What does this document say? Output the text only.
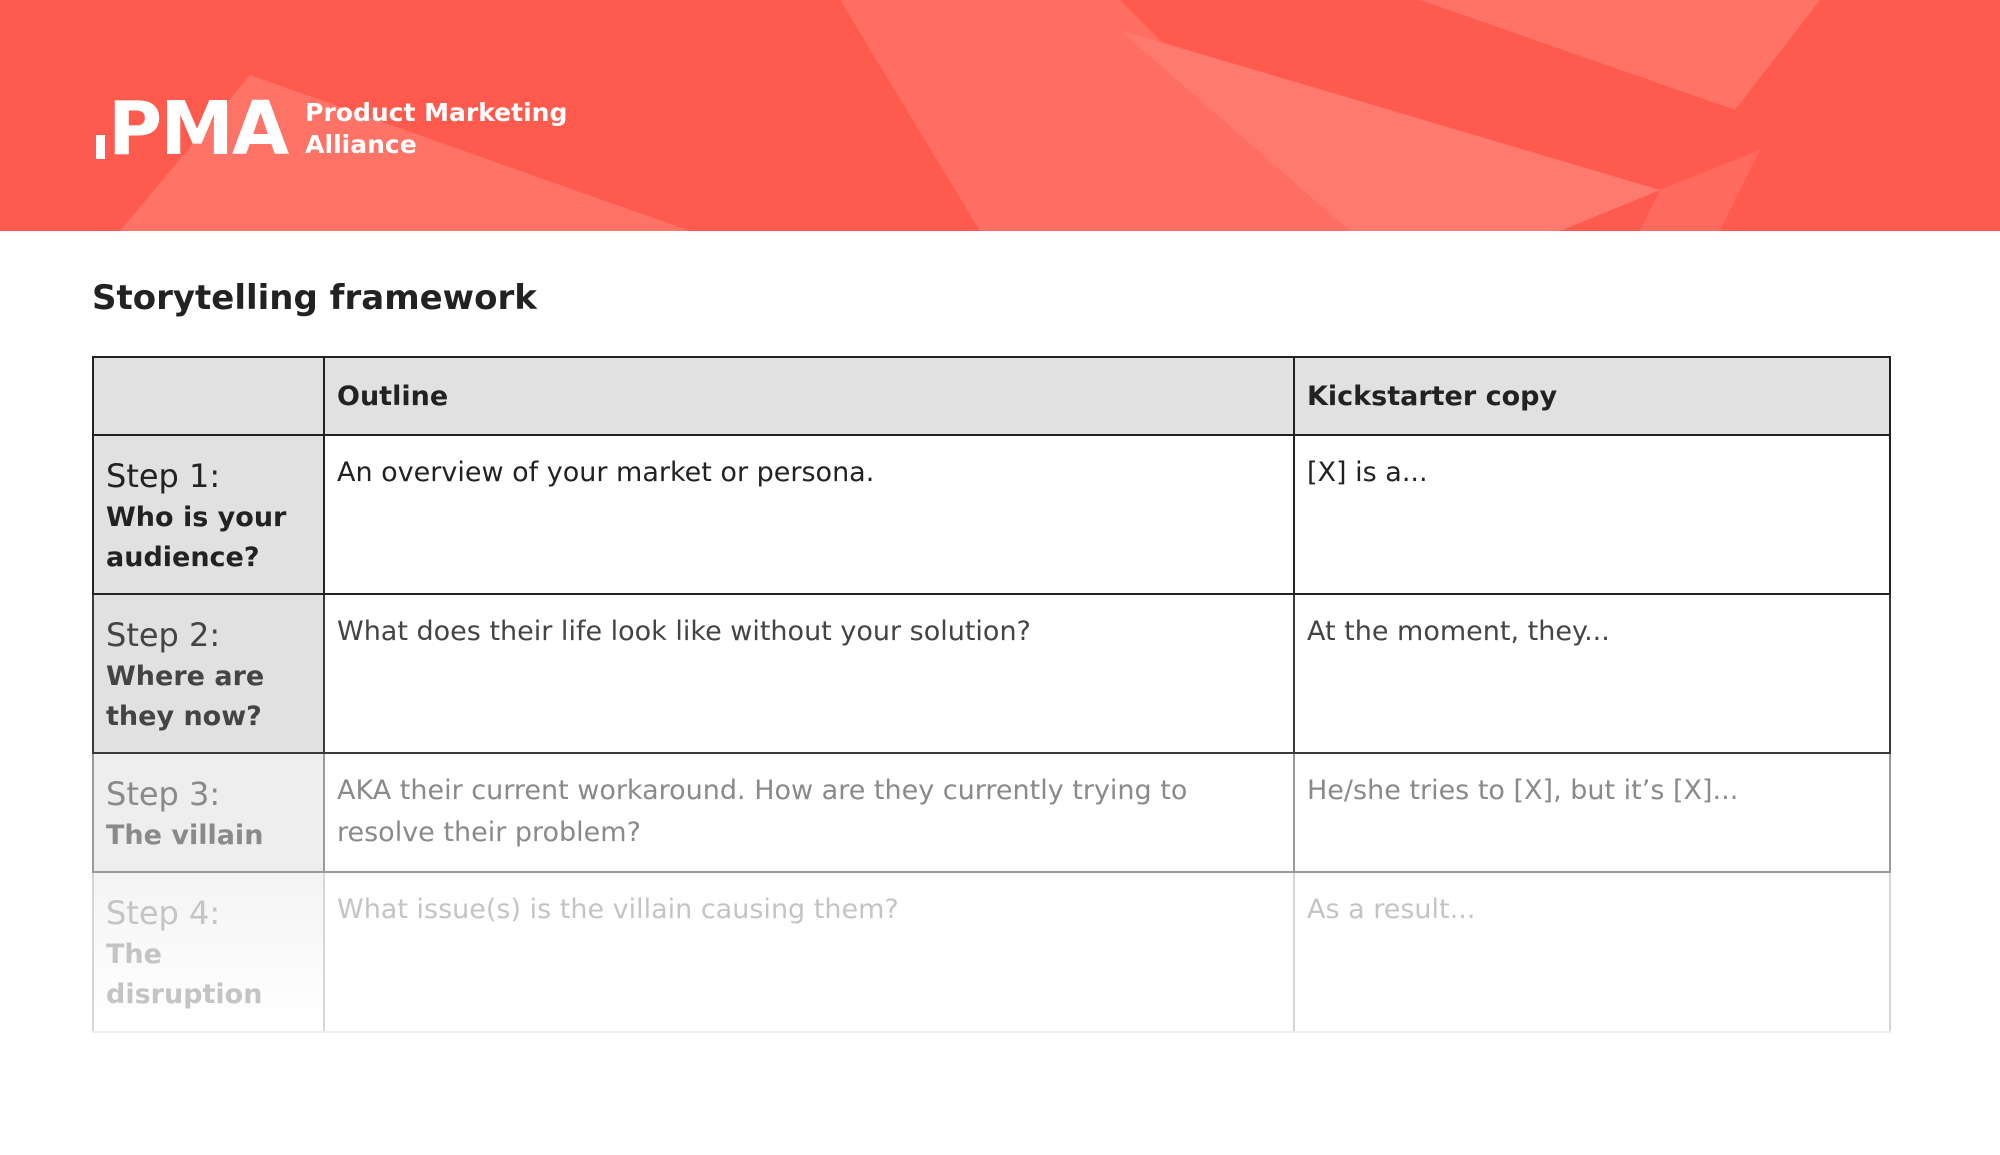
PMA Product Marketing
Alliance
Storytelling framework
	Outline	Kickstarter copy

Step 1:
Who is your audience?	An overview of your market or persona.	[X] is a...

Step 2:
Where are they now?	What does their life look like without your solution?	At the moment, they...

Step 3:
The villain	AKA their current workaround. How are they currently trying to resolve their problem?	He/she tries to [X], but it’s [X]...

Step 4:
The disruption	What issue(s) is the villain causing them?	As a result...
